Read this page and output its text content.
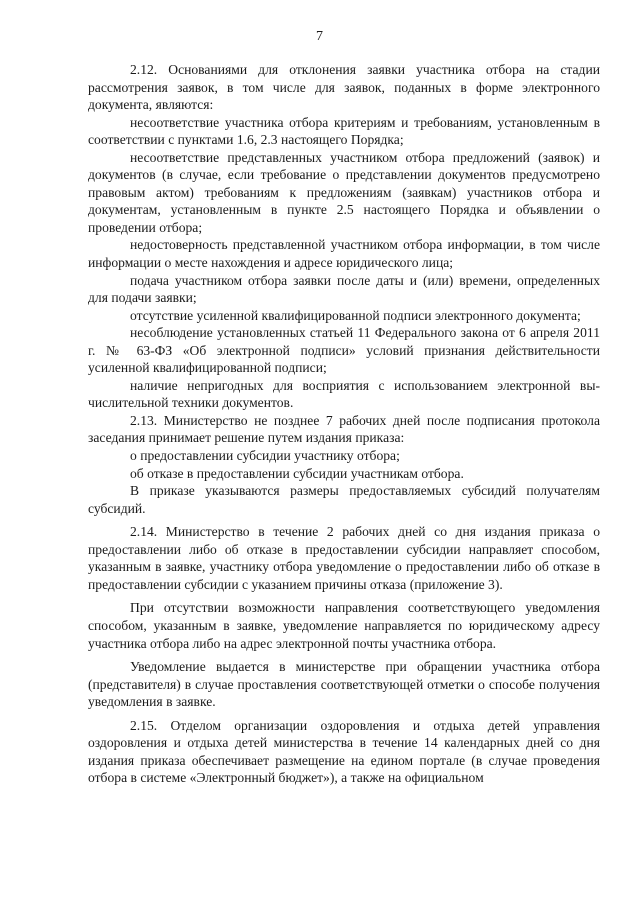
7

2.12. Основаниями для отклонения заявки участника отбора на стадии рассмотрения заявок, в том числе для заявок, поданных в форме электронного документа, являются:

несоответствие участника отбора критериям и требованиям, установленным в соответствии с пунктами 1.6, 2.3 настоящего Порядка;

несоответствие представленных участником отбора предложений (заявок) и документов (в случае, если требование о представлении документов предусмотрено правовым актом) требованиям к предложениям (заявкам) участников отбора и документам, установленным в пункте 2.5 настоящего Порядка и объявлении о проведении отбора;

недостоверность представленной участником отбора информации, в том числе информации о месте нахождения и адресе юридического лица;

подача участником отбора заявки после даты и (или) времени, определенных для подачи заявки;

отсутствие усиленной квалифицированной подписи электронного документа;

несоблюдение установленных статьей 11 Федерального закона от 6 апреля 2011 г. № 63-ФЗ «Об электронной подписи» условий признания действительности усиленной квалифицированной подписи;

наличие непригодных для восприятия с использованием электронной вычислительной техники документов.

2.13. Министерство не позднее 7 рабочих дней после подписания протокола заседания принимает решение путем издания приказа:

о предоставлении субсидии участнику отбора;

об отказе в предоставлении субсидии участникам отбора.

В приказе указываются размеры предоставляемых субсидий получателям субсидий.

2.14. Министерство в течение 2 рабочих дней со дня издания приказа о предоставлении либо об отказе в предоставлении субсидии направляет способом, указанным в заявке, участнику отбора уведомление о предоставлении либо об отказе в предоставлении субсидии с указанием причины отказа (приложение 3).

При отсутствии возможности направления соответствующего уведомления способом, указанным в заявке, уведомление направляется по юридическому адресу участника отбора либо на адрес электронной почты участника отбора.

Уведомление выдается в министерстве при обращении участника отбора (представителя) в случае проставления соответствующей отметки о способе получения уведомления в заявке.

2.15. Отделом организации оздоровления и отдыха детей управления оздоровления и отдыха детей министерства в течение 14 календарных дней со дня издания приказа обеспечивает размещение на едином портале (в случае проведения отбора в системе «Электронный бюджет»), а также на официальном
